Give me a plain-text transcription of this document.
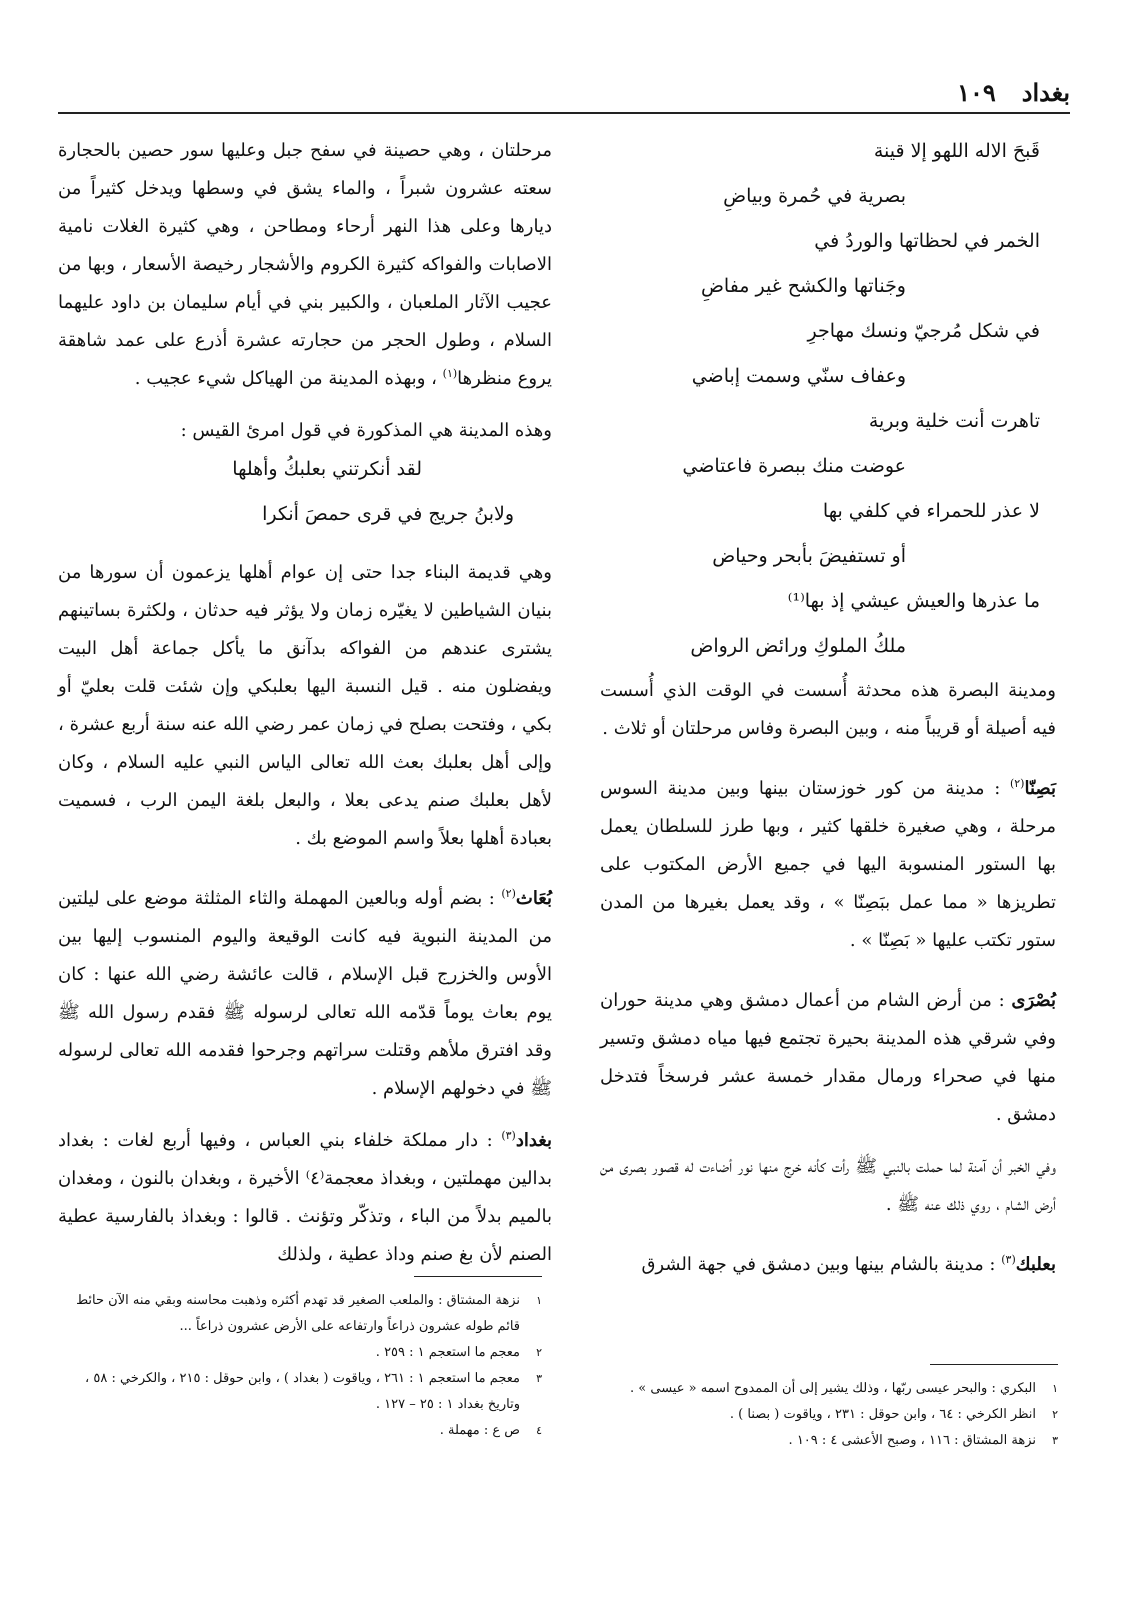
بغداد
١٠٩
قَبحَ الاله اللهو إلا قينة
بصرية في حُمرة وبياضِ
الخمر في لحظاتها والوردُ في
وجَناتها والكشح غير مفاضِ
في شكل مُرجيّ ونسك مهاجرِ
وعفاف سنّي وسمت إباضي
تاهرت أنت خلية وبرية
عوضت منك ببصرة فاعتاضي
لا عذر للحمراء في كلفي بها
أو تستفيضَ بأبحر وحياض
ما عذرها والعيش عيشي إذ بها⁽¹⁾
ملكُ الملوكِ ورائض الرواض

ومدينة البصرة هذه محدثة أُسست في الوقت الذي أُسست فيه أصيلة أو قريباً منه ، وبين البصرة وفاس مرحلتان أو ثلاث .

بَصِنّا$^{(٢)}$ : مدينة من كور خوزستان بينها وبين مدينة السوس مرحلة ، وهي صغيرة خلقها كثير ، وبها طرز للسلطان يعمل بها الستور المنسوبة اليها في جميع الأرض المكتوب على تطريزها « مما عمل ببَصِنّا » ، وقد يعمل بغيرها من المدن ستور تكتب عليها « بَصِنّا » .

بُصْرَى : من أرض الشام من أعمال دمشق وهي مدينة حوران وفي شرقي هذه المدينة بحيرة تجتمع فيها مياه دمشق وتسير منها في صحراء ورمال مقدار خمسة عشر فرسخاً فتدخل دمشق .

وفي الخبر أن آمنة لما حملت بالنبي ﷺ رأت كأنه خرج منها نور أضاءت له قصور بصرى من أرض الشام ، روي ذلك عنه ﷺ .

بعلبك$^{(٣)}$ : مدينة بالشام بينها وبين دمشق في جهة الشرق

مرحلتان ، وهي حصينة في سفح جبل وعليها سور حصين بالحجارة سعته عشرون شبراً ، والماء يشق في وسطها ويدخل كثيراً من ديارها وعلى هذا النهر أرحاء ومطاحن ، وهي كثيرة الغلات نامية الاصابات والفواكه كثيرة الكروم والأشجار رخيصة الأسعار ، وبها من عجيب الآثار الملعبان ، والكبير بني في أيام سليمان بن داود عليهما السلام ، وطول الحجر من حجارته عشرة أذرع على عمد شاهقة يروع منظرها$^{(١)}$ ، وبهذه المدينة من الهياكل شيء عجيب .

وهذه المدينة هي المذكورة في قول امرئ القيس :

لقد أنكرتني بعلبكُ وأهلها
ولابنُ جريج في قرى حمصَ أنكرا

وهي قديمة البناء جدا حتى إن عوام أهلها يزعمون أن سورها من بنيان الشياطين لا يغيّره زمان ولا يؤثر فيه حدثان ، ولكثرة بساتينهم يشترى عندهم من الفواكه بدآنق ما يأكل جماعة أهل البيت ويفضلون منه . قيل النسبة اليها بعلبكي وإن شئت قلت بعليّ أو بكي ، وفتحت بصلح في زمان عمر رضي الله عنه سنة أربع عشرة ، وإلى أهل بعلبك بعث الله تعالى الياس النبي عليه السلام ، وكان لأهل بعلبك صنم يدعى بعلا ، والبعل بلغة اليمن الرب ، فسميت بعبادة أهلها بعلاً واسم الموضع بك .

بُعَاث$^{(٢)}$ : بضم أوله وبالعين المهملة والثاء المثلثة موضع على ليلتين من المدينة النبوية فيه كانت الوقيعة واليوم المنسوب إليها بين الأوس والخزرج قبل الإسلام ، قالت عائشة رضي الله عنها : كان يوم بعاث يوماً قدّمه الله تعالى لرسوله ﷺ فقدم رسول الله ﷺ وقد افترق ملأهم وقتلت سراتهم وجرحوا فقدمه الله تعالى لرسوله ﷺ في دخولهم الإسلام .

بغداد$^{(٣)}$ : دار مملكة خلفاء بني العباس ، وفيها أربع لغات : بغداد بدالين مهملتين ، وبغداذ معجمة⁽٤⁾ الأخيرة ، وبغدان بالنون ، ومغدان بالميم بدلاً من الباء ، وتذكّر وتؤنث . قالوا : وبغداذ بالفارسية عطية الصنم لأن بغ صنم وداذ عطية ، ولذلك

١
البكري : والبحر عيسى ربّها ، وذلك يشير إلى أن الممدوح اسمه « عيسى » .
٢
انظر الكرخي : ٦٤ ، وابن حوقل : ٢٣١ ، وياقوت ( بصنا ) .
٣
نزهة المشتاق : ١١٦ ، وصبح الأعشى ٤ : ١٠٩ .
١
نزهة المشتاق : والملعب الصغير قد تهدم أكثره وذهبت محاسنه وبقي منه الآن حائط قائم طوله عشرون ذراعاً وارتفاعه على الأرض عشرون ذراعاً ...
٢
معجم ما استعجم ١ : ٢٥٩ .
٣
معجم ما استعجم ١ : ٢٦١ ، وياقوت ( بغداد ) ، وابن حوقل : ٢١٥ ، والكرخي : ٥٨ ، وتاريخ بغداد ١ : ٢٥ – ١٢٧ .
٤
ص ع : مهملة .
